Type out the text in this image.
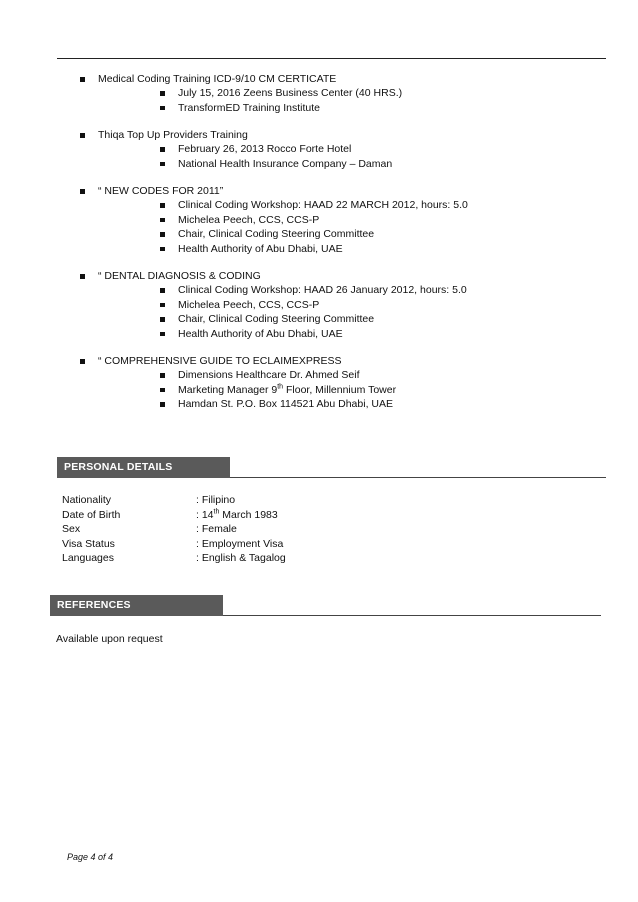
Medical Coding Training ICD-9/10 CM CERTICATE
July 15, 2016 Zeens Business Center (40 HRS.)
TransformED Training Institute
Thiqa Top Up Providers Training
February 26, 2013 Rocco Forte Hotel
National Health Insurance Company – Daman
“ NEW CODES FOR 2011”
Clinical Coding Workshop: HAAD 22 MARCH 2012, hours: 5.0
Michelea Peech, CCS, CCS-P
Chair, Clinical Coding Steering Committee
Health Authority of Abu Dhabi, UAE
“ DENTAL DIAGNOSIS & CODING
Clinical Coding Workshop: HAAD 26 January 2012, hours: 5.0
Michelea Peech, CCS, CCS-P
Chair, Clinical Coding Steering Committee
Health Authority of Abu Dhabi, UAE
“ COMPREHENSIVE GUIDE TO ECLAIMEXPRESS
Dimensions Healthcare Dr. Ahmed Seif
Marketing Manager 9th Floor, Millennium Tower
Hamdan St. P.O. Box 114521 Abu Dhabi, UAE
PERSONAL DETAILS
Nationality	: Filipino
Date of Birth	: 14th March 1983
Sex	: Female
Visa Status	: Employment Visa
Languages	: English & Tagalog
REFERENCES
Available upon request
Page 4 of 4
